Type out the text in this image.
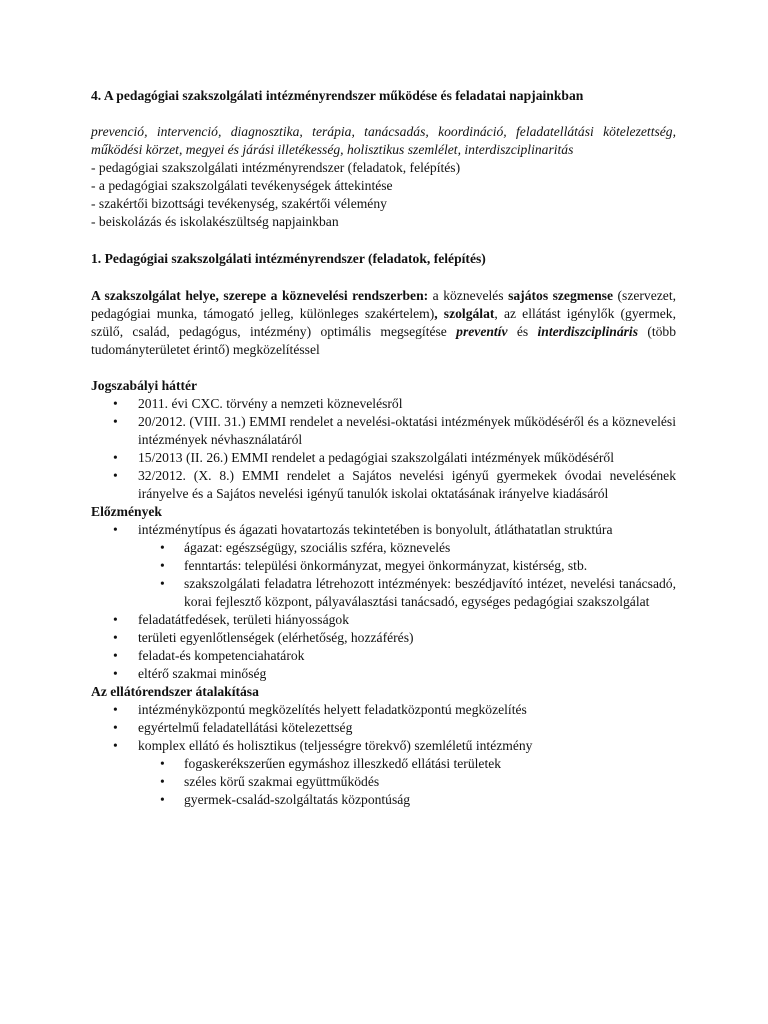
4. A pedagógiai szakszolgálati intézményrendszer működése és feladatai napjainkban

prevenció, intervenció, diagnosztika, terápia, tanácsadás, koordináció, feladatellátási kötelezettség, működési körzet, megyei és járási illetékesség, holisztikus szemlélet, interdiszciplinaritás

- pedagógiai szakszolgálati intézményrendszer (feladatok, felépítés)

- a pedagógiai szakszolgálati tevékenységek áttekintése

- szakértői bizottsági tevékenység, szakértői vélemény

- beiskolázás és iskolakészültség napjainkban

1. Pedagógiai szakszolgálati intézményrendszer (feladatok, felépítés)

A szakszolgálat helye, szerepe a köznevelési rendszerben: a köznevelés sajátos szegmense (szervezet, pedagógiai munka, támogató jelleg, különleges szakértelem), szolgálat, az ellátást igénylők (gyermek, szülő, család, pedagógus, intézmény) optimális megsegítése preventív és interdiszciplináris (több tudományterületet érintő) megközelítéssel

Jogszabályi háttér

• 2011. évi CXC. törvény a nemzeti köznevelésről
• 20/2012. (VIII. 31.) EMMI rendelet a nevelési-oktatási intézmények működéséről és a köznevelési intézmények névhasználatáról
• 15/2013 (II. 26.) EMMI rendelet a pedagógiai szakszolgálati intézmények működéséről
• 32/2012. (X. 8.) EMMI rendelet a Sajátos nevelési igényű gyermekek óvodai nevelésének irányelve és a Sajátos nevelési igényű tanulók iskolai oktatásának irányelve kiadásáról

Előzmények

• intézménytípus és ágazati hovatartozás tekintetében is bonyolult, átláthatatlan struktúra
• ágazat: egészségügy, szociális szféra, köznevelés
• fenntartás: települési önkormányzat, megyei önkormányzat, kistérség, stb.
• szakszolgálati feladatra létrehozott intézmények: beszédjavító intézet, nevelési tanácsadó, korai fejlesztő központ, pályaválasztási tanácsadó, egységes pedagógiai szakszolgálat
• feladatátfedések, területi hiányosságok
• területi egyenlőtlenségek (elérhetőség, hozzáférés)
• feladat-és kompetenciahatárok
• eltérő szakmai minőség

Az ellátórendszer átalakítása

• intézményközpontú megközelítés helyett feladatközpontú megközelítés
• egyértelmű feladatellátási kötelezettség
• komplex ellátó és holisztikus (teljességre törekvő) szemléletű intézmény
• fogaskerékszerűen egymáshoz illeszkedő ellátási területek
• széles körű szakmai együttműködés
• gyermek-család-szolgáltatás központúság
